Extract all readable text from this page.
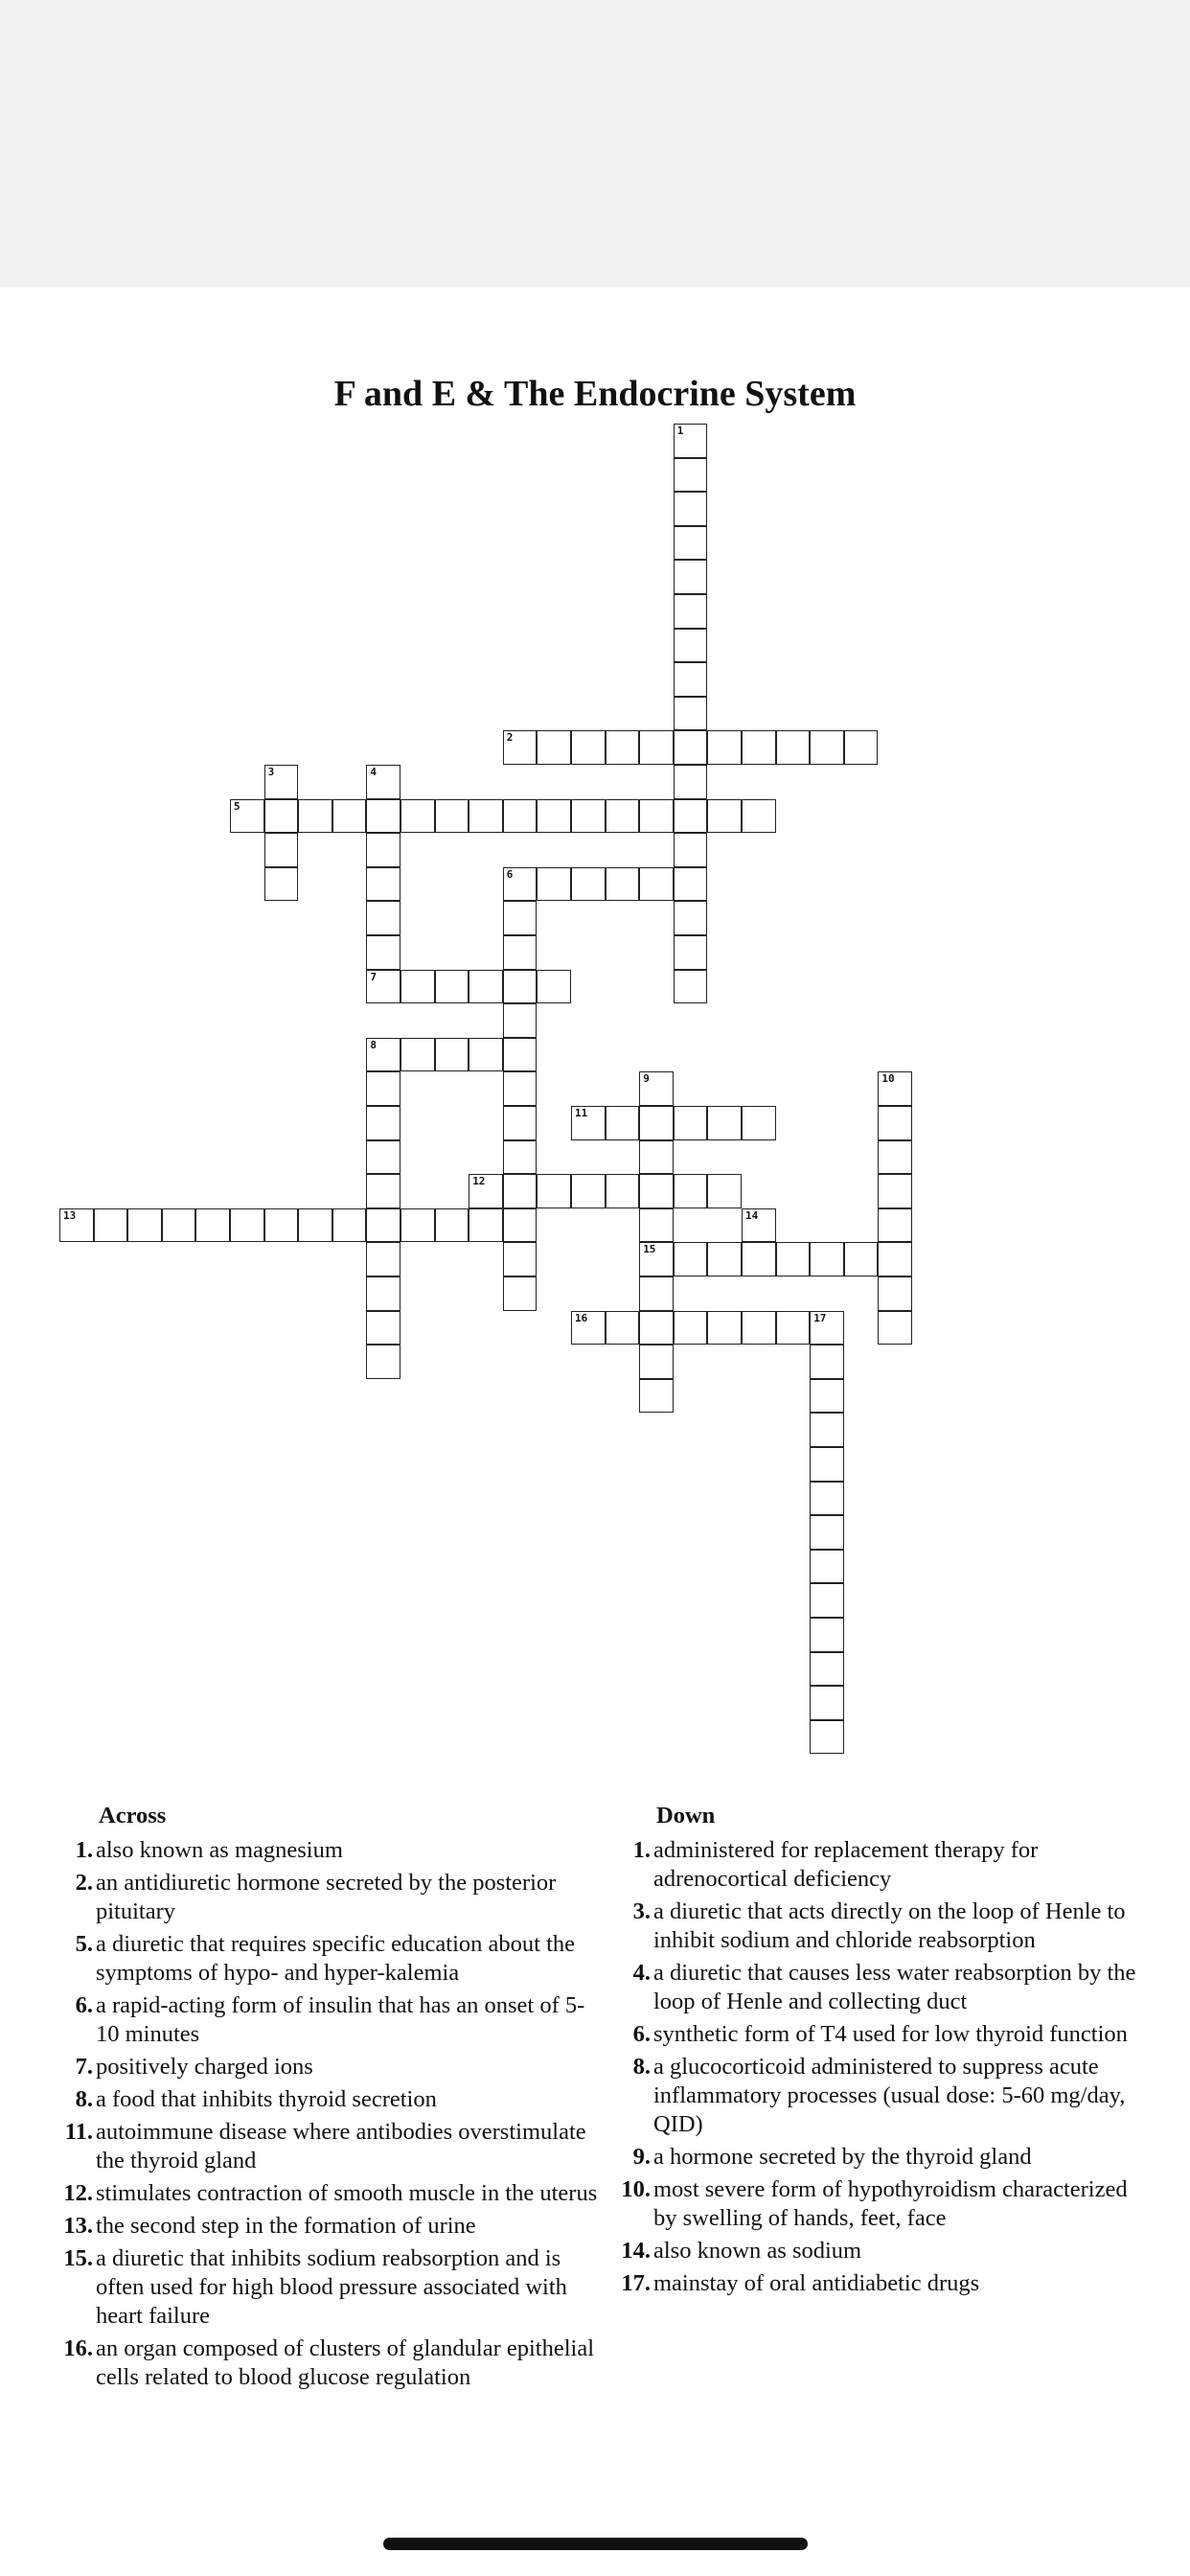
F and E & The Endocrine System
1
2
3	4
7
5
6
8
9
15
10
11
12
13	14
16	17
Across
1. also known as magnesium
2. an antidiuretic hormone secreted by the posterior pituitary
5. a diuretic that requires specific education about the symptoms of hypo- and hyper-kalemia
6. a rapid-acting form of insulin that has an onset of 5-10 minutes
7. positively charged ions
8. a food that inhibits thyroid secretion
11. autoimmune disease where antibodies overstimulate the thyroid gland
12. stimulates contraction of smooth muscle in the uterus
13. the second step in the formation of urine
15. a diuretic that inhibits sodium reabsorption and is often used for high blood pressure associated with heart failure
16. an organ composed of clusters of glandular epithelial cells related to blood glucose regulation
Down
1. administered for replacement therapy for adrenocortical deficiency
3. a diuretic that acts directly on the loop of Henle to inhibit sodium and chloride reabsorption
4. a diuretic that causes less water reabsorption by the loop of Henle and collecting duct
6. synthetic form of T4 used for low thyroid function
8. a glucocorticoid administered to suppress acute inflammatory processes (usual dose: 5-60 mg/day, QID)
9. a hormone secreted by the thyroid gland
10. most severe form of hypothyroidism characterized by swelling of hands, feet, face
14. also known as sodium
17. mainstay of oral antidiabetic drugs
